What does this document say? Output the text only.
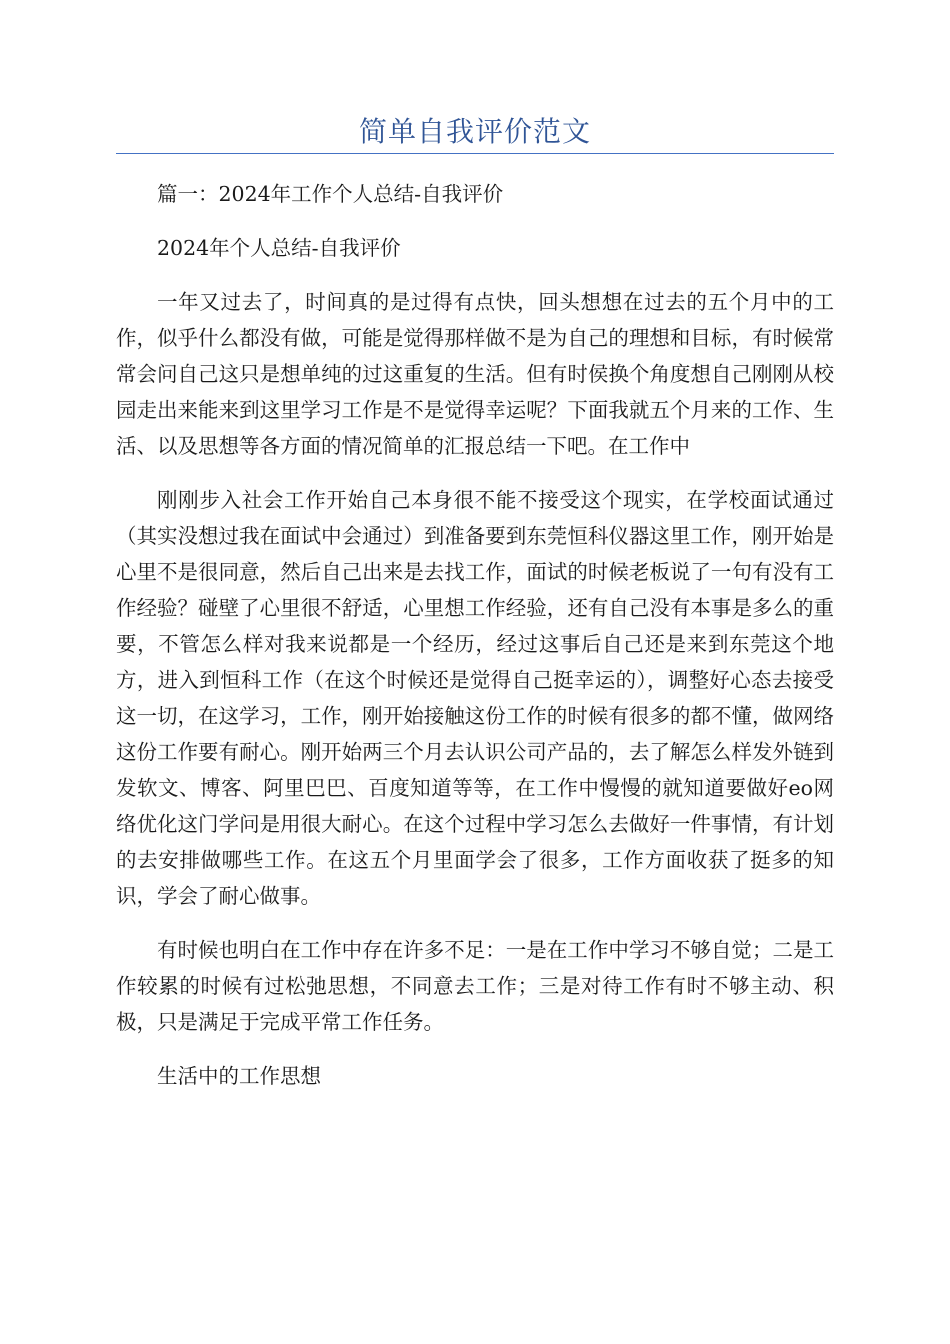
简单自我评价范文

篇一：2024年工作个人总结-自我评价

2024年个人总结-自我评价

一年又过去了，时间真的是过得有点快，回头想想在过去的五个月中的工作，似乎什么都没有做，可能是觉得那样做不是为自己的理想和目标，有时候常常会问自己这只是想单纯的过这重复的生活。但有时侯换个角度想自己刚刚从校园走出来能来到这里学习工作是不是觉得幸运呢？下面我就五个月来的工作、生活、以及思想等各方面的情况简单的汇报总结一下吧。在工作中

刚刚步入社会工作开始自己本身很不能不接受这个现实，在学校面试通过（其实没想过我在面试中会通过）到准备要到东莞恒科仪器这里工作，刚开始是心里不是很同意，然后自己出来是去找工作，面试的时候老板说了一句有没有工作经验？碰壁了心里很不舒适，心里想工作经验，还有自己没有本事是多么的重要，不管怎么样对我来说都是一个经历，经过这事后自己还是来到东莞这个地方，进入到恒科工作（在这个时候还是觉得自己挺幸运的），调整好心态去接受这一切，在这学习，工作，刚开始接触这份工作的时候有很多的都不懂，做网络这份工作要有耐心。刚开始两三个月去认识公司产品的，去了解怎么样发外链到发软文、博客、阿里巴巴、百度知道等等，在工作中慢慢的就知道要做好eo网络优化这门学问是用很大耐心。在这个过程中学习怎么去做好一件事情，有计划的去安排做哪些工作。在这五个月里面学会了很多，工作方面收获了挺多的知识，学会了耐心做事。

有时候也明白在工作中存在许多不足：一是在工作中学习不够自觉；二是工作较累的时候有过松弛思想，不同意去工作；三是对待工作有时不够主动、积极，只是满足于完成平常工作任务。

生活中的工作思想
